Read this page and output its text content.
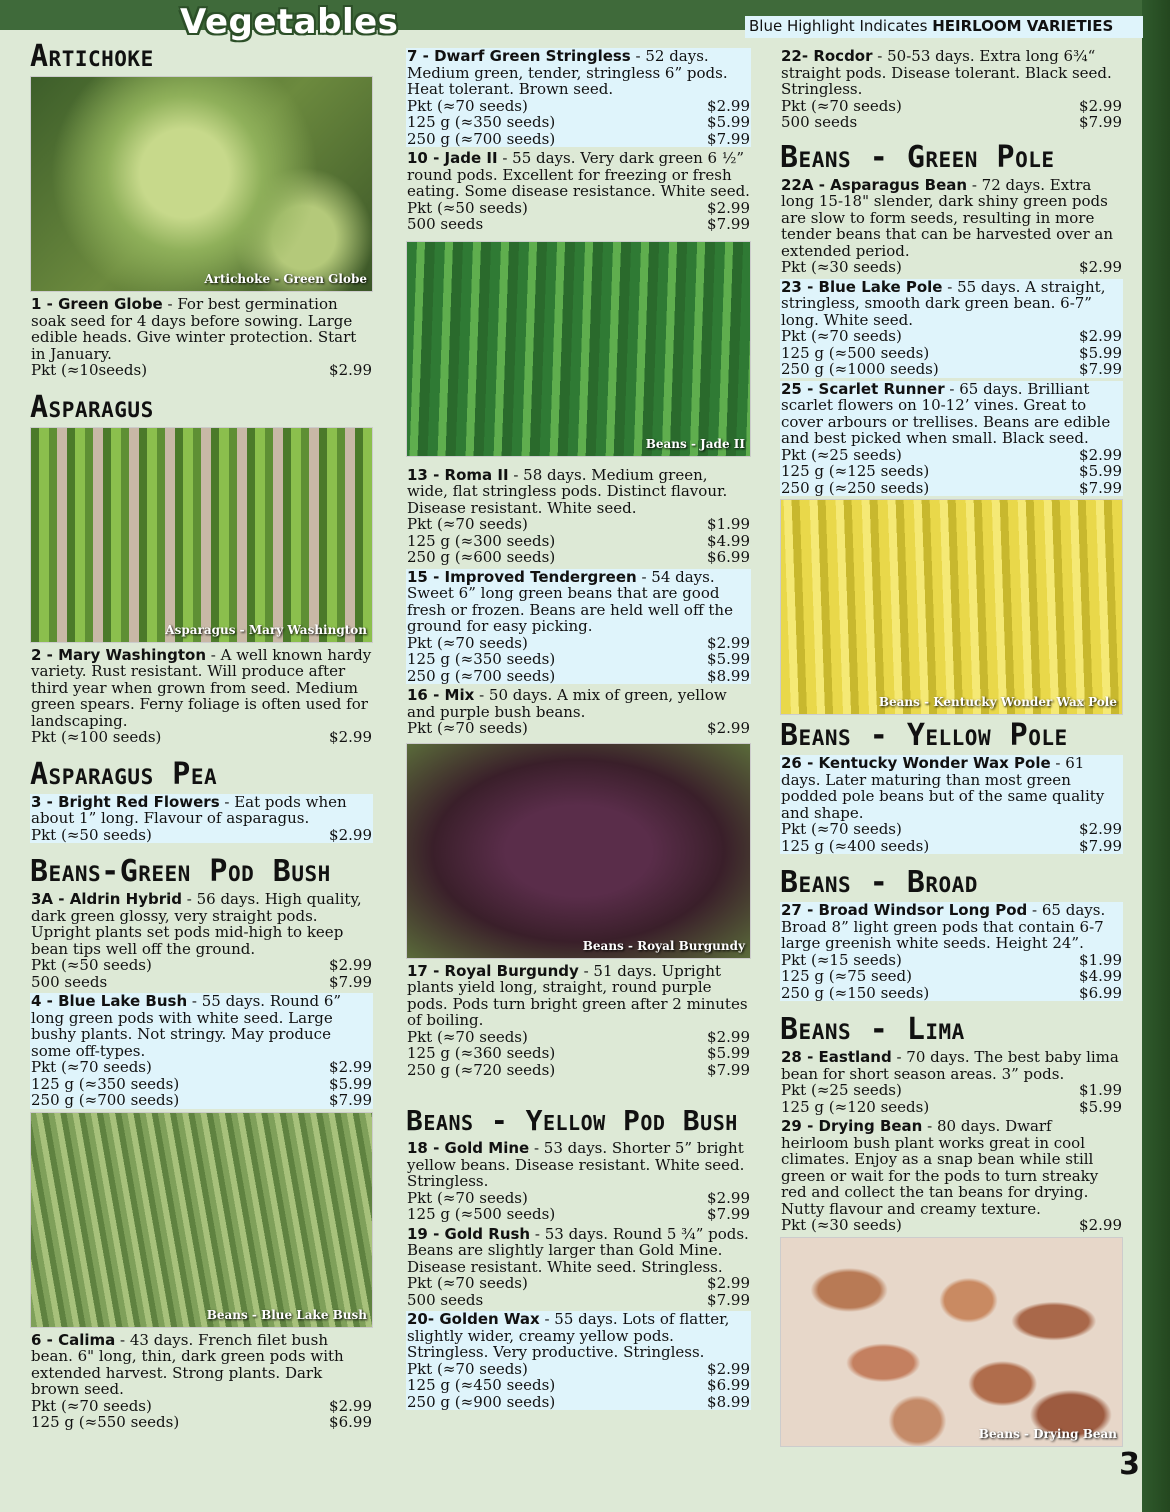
Vegetables	Blue Highlight Indicates HEIRLOOM VARIETIES
Artichoke
Artichoke - Green Globe
1 - Green Globe - For best germination soak seed for 4 days before sowing. Large edible heads. Give winter protection. Start in January.
Pkt (≈10seeds)	$2.99
Asparagus
Asparagus - Mary Washington
2 - Mary Washington - A well known hardy variety. Rust resistant. Will produce after third year when grown from seed. Medium green spears. Ferny foliage is often used for landscaping.
Pkt (≈100 seeds)	$2.99
Asparagus Pea
3 - Bright Red Flowers - Eat pods when about 1” long. Flavour of asparagus.
Pkt (≈50 seeds)	$2.99
Beans-Green Pod Bush
3A - Aldrin Hybrid - 56 days. High quality, dark green glossy, very straight pods. Upright plants set pods mid-high to keep bean tips well off the ground.
Pkt (≈50 seeds)	$2.99
500 seeds	$7.99
4 - Blue Lake Bush - 55 days. Round 6” long green pods with white seed. Large bushy plants. Not stringy. May produce some off-types.
Pkt (≈70 seeds)	$2.99
125 g (≈350 seeds)	$5.99
250 g (≈700 seeds)	$7.99
Beans - Blue Lake Bush
6 - Calima - 43 days. French filet bush bean. 6" long, thin, dark green pods with extended harvest. Strong plants. Dark brown seed.
Pkt (≈70 seeds)	$2.99
125 g (≈550 seeds)	$6.99
7 - Dwarf Green Stringless - 52 days. Medium green, tender, stringless 6” pods. Heat tolerant. Brown seed.
Pkt (≈70 seeds)	$2.99
125 g (≈350 seeds)	$5.99
250 g (≈700 seeds)	$7.99
10 - Jade II - 55 days. Very dark green 6 ½” round pods. Excellent for freezing or fresh eating. Some disease resistance. White seed.
Pkt (≈50 seeds)	$2.99
500 seeds	$7.99
Beans - Jade II
13 - Roma II - 58 days. Medium green, wide, flat stringless pods. Distinct flavour. Disease resistant. White seed.
Pkt (≈70 seeds)	$1.99
125 g (≈300 seeds)	$4.99
250 g (≈600 seeds)	$6.99
15 - Improved Tendergreen - 54 days. Sweet 6” long green beans that are good fresh or frozen. Beans are held well off the ground for easy picking.
Pkt (≈70 seeds)	$2.99
125 g (≈350 seeds)	$5.99
250 g (≈700 seeds)	$8.99
16 - Mix - 50 days. A mix of green, yellow and purple bush beans.
Pkt (≈70 seeds)	$2.99
Beans - Royal Burgundy
17 - Royal Burgundy - 51 days. Upright plants yield long, straight, round purple pods. Pods turn bright green after 2 minutes of boiling.
Pkt (≈70 seeds)	$2.99
125 g (≈360 seeds)	$5.99
250 g (≈720 seeds)	$7.99
Beans - Yellow Pod Bush
18 - Gold Mine - 53 days. Shorter 5” bright yellow beans. Disease resistant. White seed. Stringless.
Pkt (≈70 seeds)	$2.99
125 g (≈500 seeds)	$7.99
19 - Gold Rush - 53 days. Round 5 ¾” pods. Beans are slightly larger than Gold Mine. Disease resistant. White seed. Stringless.
Pkt (≈70 seeds)	$2.99
500 seeds	$7.99
20- Golden Wax - 55 days. Lots of flatter, slightly wider, creamy yellow pods. Stringless. Very productive. Stringless.
Pkt (≈70 seeds)	$2.99
125 g (≈450 seeds)	$6.99
250 g (≈900 seeds)	$8.99
22- Rocdor - 50-53 days. Extra long 6¾“ straight pods. Disease tolerant. Black seed. Stringless.
Pkt (≈70 seeds)	$2.99
500 seeds	$7.99
Beans - Green Pole
22A - Asparagus Bean - 72 days. Extra long 15-18" slender, dark shiny green pods are slow to form seeds, resulting in more tender beans that can be harvested over an extended period.
Pkt (≈30 seeds)	$2.99
23 - Blue Lake Pole - 55 days. A straight, stringless, smooth dark green bean. 6-7” long. White seed.
Pkt (≈70 seeds)	$2.99
125 g (≈500 seeds)	$5.99
250 g (≈1000 seeds)	$7.99
25 - Scarlet Runner - 65 days. Brilliant scarlet flowers on 10-12’ vines. Great to cover arbours or trellises. Beans are edible and best picked when small. Black seed.
Pkt (≈25 seeds)	$2.99
125 g (≈125 seeds)	$5.99
250 g (≈250 seeds)	$7.99
Beans - Kentucky Wonder Wax Pole
Beans - Yellow Pole
26 - Kentucky Wonder Wax Pole - 61 days. Later maturing than most green podded pole beans but of the same quality and shape.
Pkt (≈70 seeds)	$2.99
125 g (≈400 seeds)	$7.99
Beans - Broad
27 - Broad Windsor Long Pod - 65 days. Broad 8” light green pods that contain 6-7 large greenish white seeds. Height 24”.
Pkt (≈15 seeds)	$1.99
125 g (≈75 seed)	$4.99
250 g (≈150 seeds)	$6.99
Beans - Lima
28 - Eastland - 70 days. The best baby lima bean for short season areas. 3” pods.
Pkt (≈25 seeds)	$1.99
125 g (≈120 seeds)	$5.99
29 - Drying Bean - 80 days. Dwarf heirloom bush plant works great in cool climates. Enjoy as a snap bean while still green or wait for the pods to turn streaky red and collect the tan beans for drying. Nutty flavour and creamy texture.
Pkt (≈30 seeds)	$2.99
Beans - Drying Bean
3
